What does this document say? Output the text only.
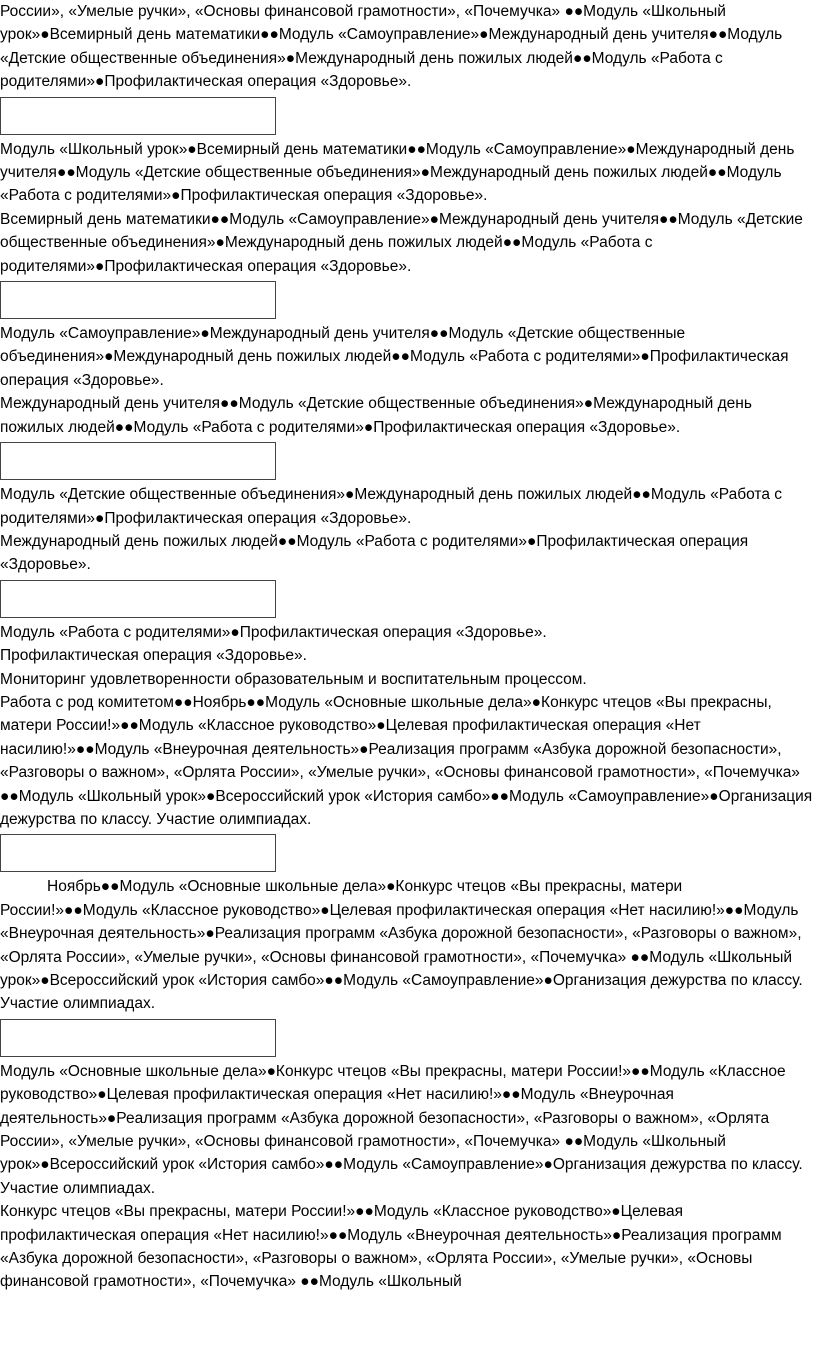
России», «Умелые ручки», «Основы финансовой грамотности», «Почемучка» ●●Модуль «Школьный урок»●Всемирный день математики●●Модуль «Самоуправление»●Международный день учителя●●Модуль «Детские общественные объединения»●Международный день пожилых людей●●Модуль «Работа с родителями»●Профилактическая операция «Здоровье».

Модуль «Школьный урок»●Всемирный день математики●●Модуль «Самоуправление»●Международный день учителя●●Модуль «Детские общественные объединения»●Международный день пожилых людей●●Модуль «Работа с родителями»●Профилактическая операция «Здоровье».

Всемирный день математики●●Модуль «Самоуправление»●Международный день учителя●●Модуль «Детские общественные объединения»●Международный день пожилых людей●●Модуль «Работа с родителями»●Профилактическая операция «Здоровье».

Модуль «Самоуправление»●Международный день учителя●●Модуль «Детские общественные объединения»●Международный день пожилых людей●●Модуль «Работа с родителями»●Профилактическая операция «Здоровье».

Международный день учителя●●Модуль «Детские общественные объединения»●Международный день пожилых людей●●Модуль «Работа с родителями»●Профилактическая операция «Здоровье».

Модуль «Детские общественные объединения»●Международный день пожилых людей●●Модуль «Работа с родителями»●Профилактическая операция «Здоровье».

Международный день пожилых людей●●Модуль «Работа с родителями»●Профилактическая операция «Здоровье».

Модуль «Работа с родителями»●Профилактическая операция «Здоровье».

Профилактическая операция «Здоровье».

Мониторинг удовлетворенности образовательным и воспитательным процессом.

Работа с род комитетом●●Ноябрь●●Модуль «Основные школьные дела»●Конкурс чтецов «Вы прекрасны, матери России!»●●Модуль «Классное руководство»●Целевая профилактическая операция «Нет насилию!»●●Модуль «Внеурочная деятельность»●Реализация программ «Азбука дорожной безопасности», «Разговоры о важном», «Орлята России», «Умелые ручки», «Основы финансовой грамотности», «Почемучка» ●●Модуль «Школьный урок»●Всероссийский урок «История самбо»●●Модуль «Самоуправление»●Организация дежурства по классу. Участие олимпиадах.

Ноябрь●●Модуль «Основные школьные дела»●Конкурс чтецов «Вы прекрасны, матери России!»●●Модуль «Классное руководство»●Целевая профилактическая операция «Нет насилию!»●●Модуль «Внеурочная деятельность»●Реализация программ «Азбука дорожной безопасности», «Разговоры о важном», «Орлята России», «Умелые ручки», «Основы финансовой грамотности», «Почемучка» ●●Модуль «Школьный урок»●Всероссийский урок «История самбо»●●Модуль «Самоуправление»●Организация дежурства по классу. Участие олимпиадах.

Модуль «Основные школьные дела»●Конкурс чтецов «Вы прекрасны, матери России!»●●Модуль «Классное руководство»●Целевая профилактическая операция «Нет насилию!»●●Модуль «Внеурочная деятельность»●Реализация программ «Азбука дорожной безопасности», «Разговоры о важном», «Орлята России», «Умелые ручки», «Основы финансовой грамотности», «Почемучка» ●●Модуль «Школьный урок»●Всероссийский урок «История самбо»●●Модуль «Самоуправление»●Организация дежурства по классу. Участие олимпиадах.

Конкурс чтецов «Вы прекрасны, матери России!»●●Модуль «Классное руководство»●Целевая профилактическая операция «Нет насилию!»●●Модуль «Внеурочная деятельность»●Реализация программ «Азбука дорожной безопасности», «Разговоры о важном», «Орлята России», «Умелые ручки», «Основы финансовой грамотности», «Почемучка» ●●Модуль «Школьный
